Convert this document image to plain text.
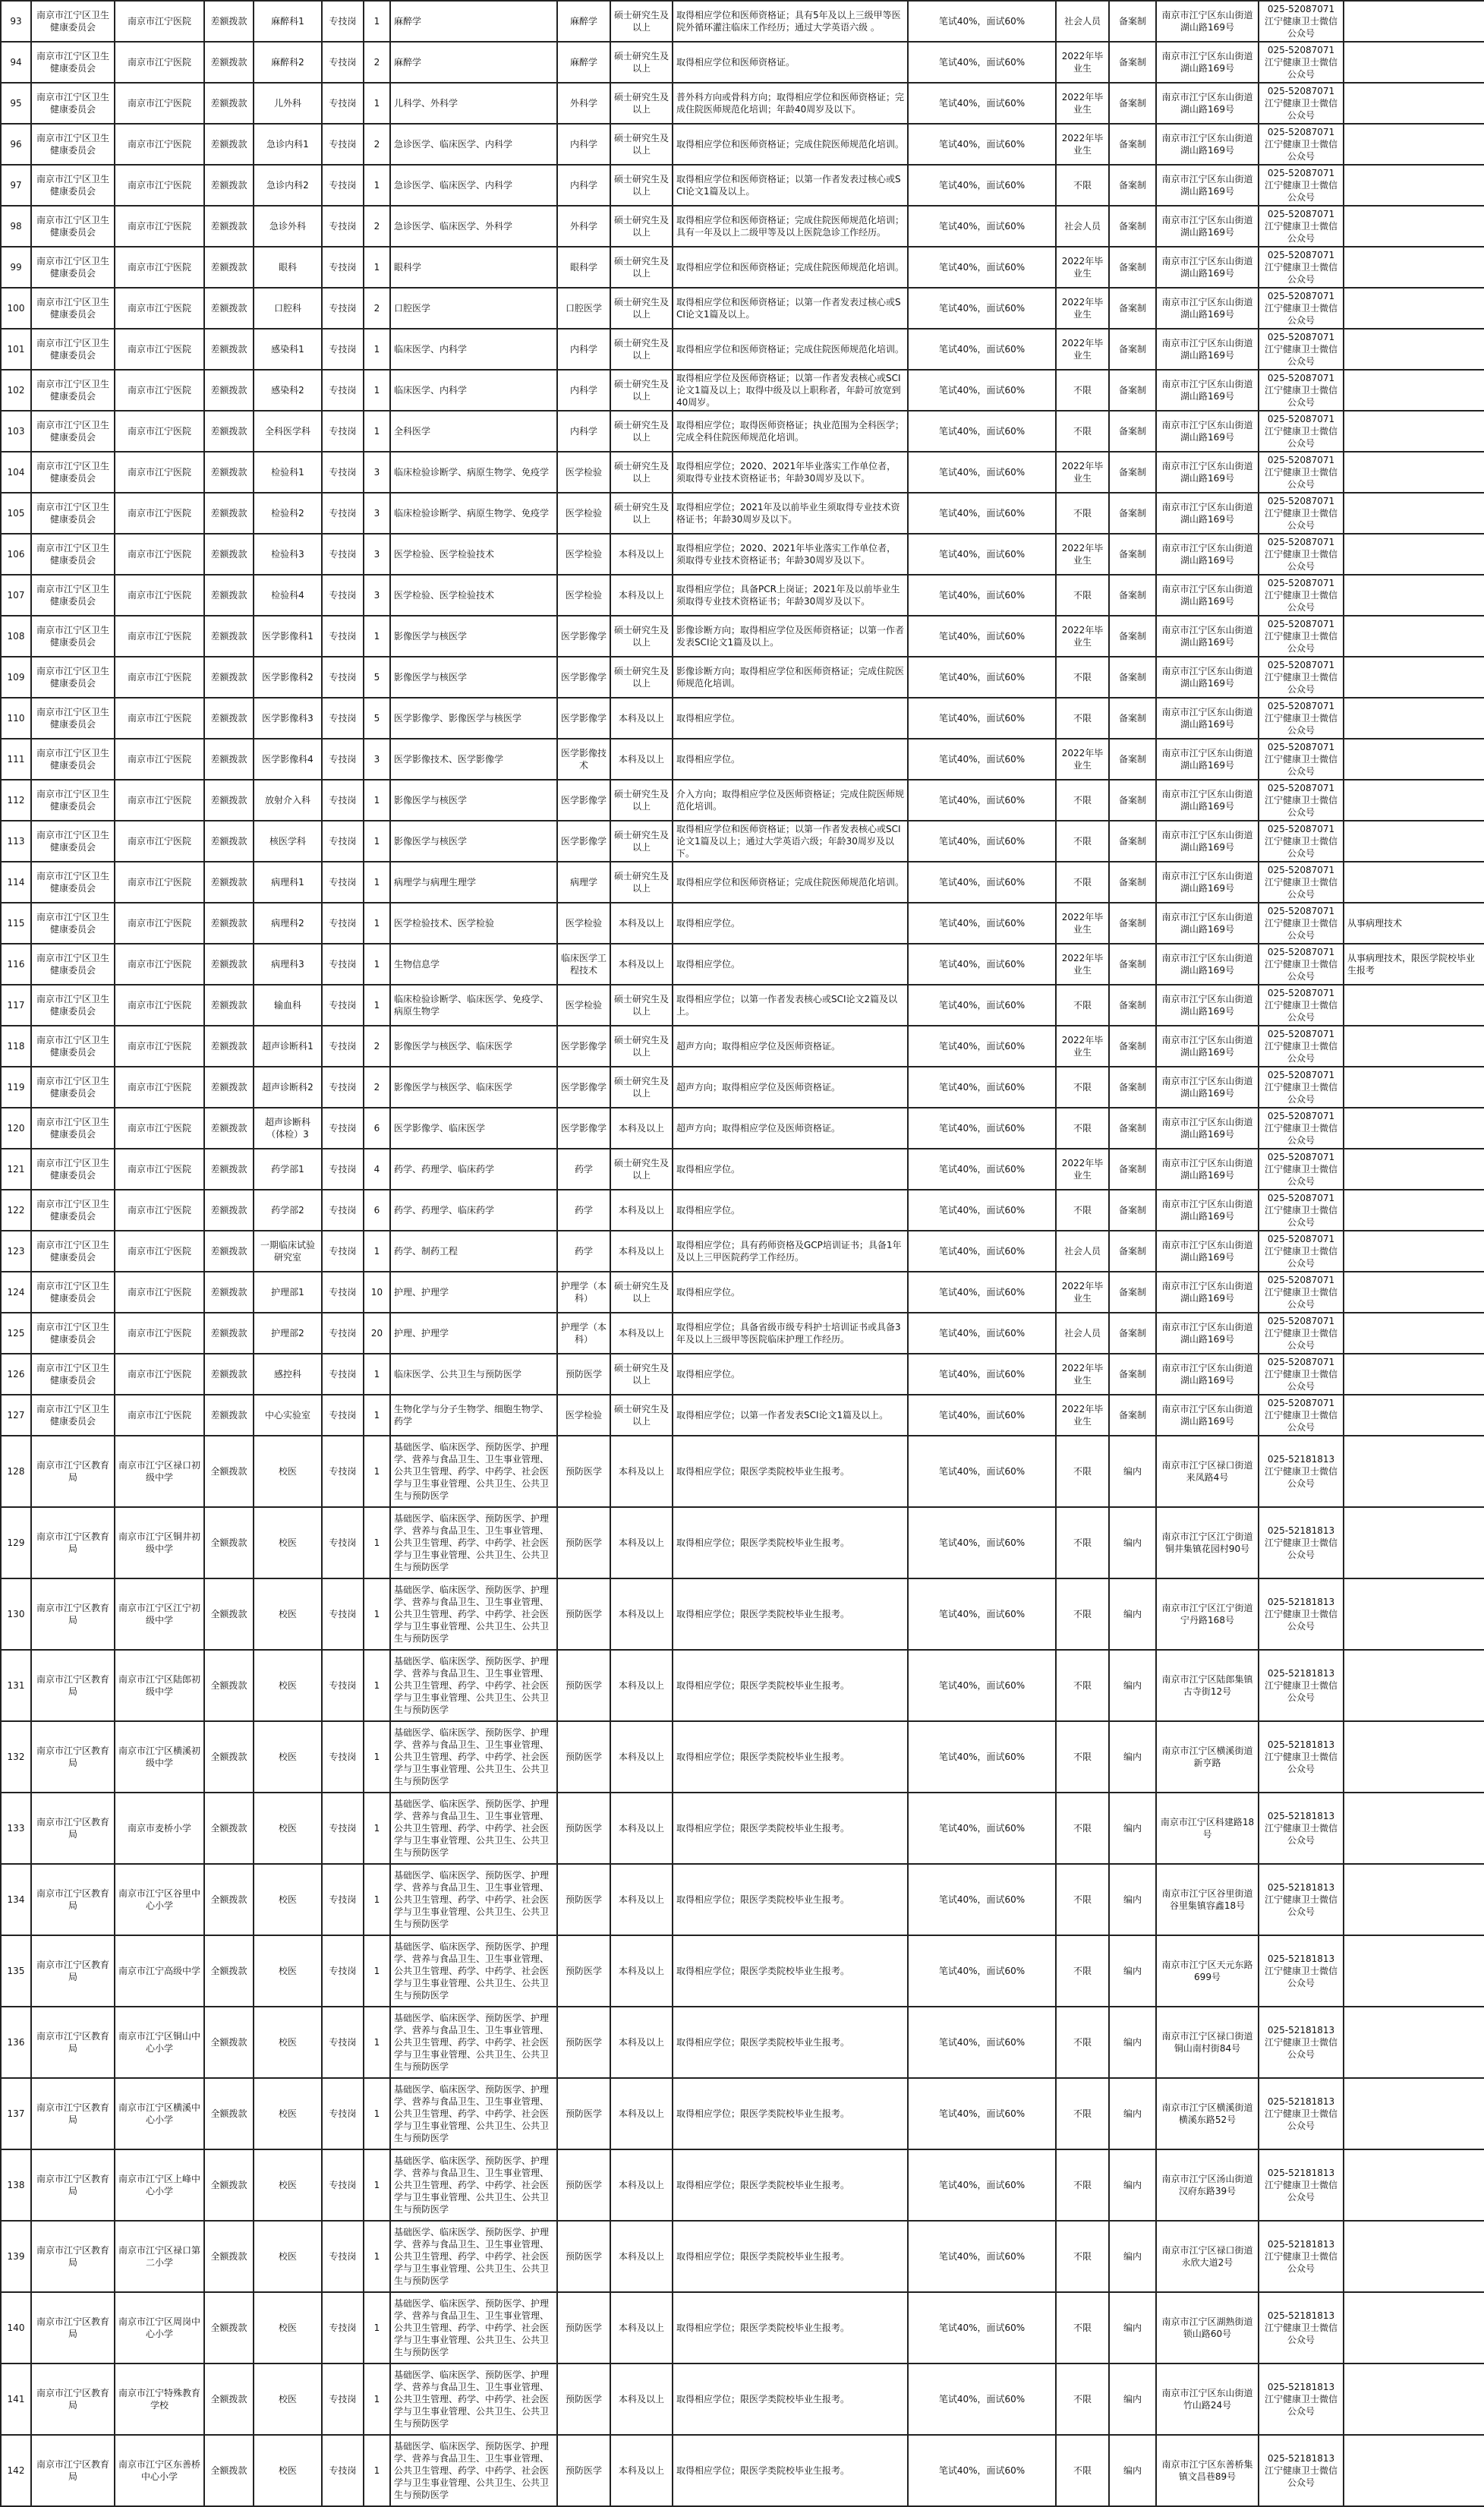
93	南京市江宁区卫生健康委员会	南京市江宁医院	差额拨款	麻醉科1	专技岗	1	麻醉学	麻醉学	硕士研究生及以上	取得相应学位和医师资格证；具有5年及以上三级甲等医院外循环灌注临床工作经历；通过大学英语六级 。	笔试40%，面试60%	社会人员	备案制	南京市江宁区东山街道湖山路169号	025-52087071 江宁健康卫士微信公众号	
94	南京市江宁区卫生健康委员会	南京市江宁医院	差额拨款	麻醉科2	专技岗	2	麻醉学	麻醉学	硕士研究生及以上	取得相应学位和医师资格证。	笔试40%，面试60%	2022年毕业生	备案制	南京市江宁区东山街道湖山路169号	025-52087071 江宁健康卫士微信公众号	
95	南京市江宁区卫生健康委员会	南京市江宁医院	差额拨款	儿外科	专技岗	1	儿科学、外科学	外科学	硕士研究生及以上	普外科方向或骨科方向；取得相应学位和医师资格证；完成住院医师规范化培训；年龄40周岁及以下。	笔试40%，面试60%	2022年毕业生	备案制	南京市江宁区东山街道湖山路169号	025-52087071 江宁健康卫士微信公众号	
96	南京市江宁区卫生健康委员会	南京市江宁医院	差额拨款	急诊内科1	专技岗	2	急诊医学、临床医学、内科学	内科学	硕士研究生及以上	取得相应学位和医师资格证；完成住院医师规范化培训。	笔试40%，面试60%	2022年毕业生	备案制	南京市江宁区东山街道湖山路169号	025-52087071 江宁健康卫士微信公众号	
97	南京市江宁区卫生健康委员会	南京市江宁医院	差额拨款	急诊内科2	专技岗	1	急诊医学、临床医学、内科学	内科学	硕士研究生及以上	取得相应学位和医师资格证；以第一作者发表过核心或SCI论文1篇及以上。	笔试40%，面试60%	不限	备案制	南京市江宁区东山街道湖山路169号	025-52087071 江宁健康卫士微信公众号	
98	南京市江宁区卫生健康委员会	南京市江宁医院	差额拨款	急诊外科	专技岗	2	急诊医学、临床医学、外科学	外科学	硕士研究生及以上	取得相应学位和医师资格证；完成住院医师规范化培训；具有一年及以上二级甲等及以上医院急诊工作经历。	笔试40%，面试60%	社会人员	备案制	南京市江宁区东山街道湖山路169号	025-52087071 江宁健康卫士微信公众号	
99	南京市江宁区卫生健康委员会	南京市江宁医院	差额拨款	眼科	专技岗	1	眼科学	眼科学	硕士研究生及以上	取得相应学位和医师资格证；完成住院医师规范化培训。	笔试40%，面试60%	2022年毕业生	备案制	南京市江宁区东山街道湖山路169号	025-52087071 江宁健康卫士微信公众号	
100	南京市江宁区卫生健康委员会	南京市江宁医院	差额拨款	口腔科	专技岗	2	口腔医学	口腔医学	硕士研究生及以上	取得相应学位和医师资格证；以第一作者发表过核心或SCI论文1篇及以上。	笔试40%，面试60%	2022年毕业生	备案制	南京市江宁区东山街道湖山路169号	025-52087071 江宁健康卫士微信公众号	
101	南京市江宁区卫生健康委员会	南京市江宁医院	差额拨款	感染科1	专技岗	1	临床医学、内科学	内科学	硕士研究生及以上	取得相应学位和医师资格证；完成住院医师规范化培训。	笔试40%，面试60%	2022年毕业生	备案制	南京市江宁区东山街道湖山路169号	025-52087071 江宁健康卫士微信公众号	
102	南京市江宁区卫生健康委员会	南京市江宁医院	差额拨款	感染科2	专技岗	1	临床医学、内科学	内科学	硕士研究生及以上	取得相应学位及医师资格证；以第一作者发表核心或SCI论文1篇及以上；取得中级及以上职称者，年龄可放宽到40周岁。	笔试40%，面试60%	不限	备案制	南京市江宁区东山街道湖山路169号	025-52087071 江宁健康卫士微信公众号	
103	南京市江宁区卫生健康委员会	南京市江宁医院	差额拨款	全科医学科	专技岗	1	全科医学	内科学	硕士研究生及以上	取得相应学位；取得医师资格证；执业范围为全科医学；完成全科住院医师规范化培训。	笔试40%，面试60%	不限	备案制	南京市江宁区东山街道湖山路169号	025-52087071 江宁健康卫士微信公众号	
104	南京市江宁区卫生健康委员会	南京市江宁医院	差额拨款	检验科1	专技岗	3	临床检验诊断学、病原生物学、免疫学	医学检验	硕士研究生及以上	取得相应学位；2020、2021年毕业落实工作单位者，须取得专业技术资格证书；年龄30周岁及以下。	笔试40%，面试60%	2022年毕业生	备案制	南京市江宁区东山街道湖山路169号	025-52087071 江宁健康卫士微信公众号	
105	南京市江宁区卫生健康委员会	南京市江宁医院	差额拨款	检验科2	专技岗	3	临床检验诊断学、病原生物学、免疫学	医学检验	硕士研究生及以上	取得相应学位；2021年及以前毕业生须取得专业技术资格证书；年龄30周岁及以下。	笔试40%，面试60%	不限	备案制	南京市江宁区东山街道湖山路169号	025-52087071 江宁健康卫士微信公众号	
106	南京市江宁区卫生健康委员会	南京市江宁医院	差额拨款	检验科3	专技岗	3	医学检验、医学检验技术	医学检验	本科及以上	取得相应学位；2020、2021年毕业落实工作单位者，须取得专业技术资格证书；年龄30周岁及以下。	笔试40%，面试60%	2022年毕业生	备案制	南京市江宁区东山街道湖山路169号	025-52087071 江宁健康卫士微信公众号	
107	南京市江宁区卫生健康委员会	南京市江宁医院	差额拨款	检验科4	专技岗	3	医学检验、医学检验技术	医学检验	本科及以上	取得相应学位；具备PCR上岗证；2021年及以前毕业生须取得专业技术资格证书；年龄30周岁及以下。	笔试40%，面试60%	不限	备案制	南京市江宁区东山街道湖山路169号	025-52087071 江宁健康卫士微信公众号	
108	南京市江宁区卫生健康委员会	南京市江宁医院	差额拨款	医学影像科1	专技岗	1	影像医学与核医学	医学影像学	硕士研究生及以上	影像诊断方向；取得相应学位及医师资格证；以第一作者发表SCI论文1篇及以上。	笔试40%，面试60%	2022年毕业生	备案制	南京市江宁区东山街道湖山路169号	025-52087071 江宁健康卫士微信公众号	
109	南京市江宁区卫生健康委员会	南京市江宁医院	差额拨款	医学影像科2	专技岗	5	影像医学与核医学	医学影像学	硕士研究生及以上	影像诊断方向；取得相应学位和医师资格证；完成住院医师规范化培训。	笔试40%，面试60%	不限	备案制	南京市江宁区东山街道湖山路169号	025-52087071 江宁健康卫士微信公众号	
110	南京市江宁区卫生健康委员会	南京市江宁医院	差额拨款	医学影像科3	专技岗	5	医学影像学、影像医学与核医学	医学影像学	本科及以上	取得相应学位。	笔试40%，面试60%	不限	备案制	南京市江宁区东山街道湖山路169号	025-52087071 江宁健康卫士微信公众号	
111	南京市江宁区卫生健康委员会	南京市江宁医院	差额拨款	医学影像科4	专技岗	3	医学影像技术、医学影像学	医学影像技术	本科及以上	取得相应学位。	笔试40%，面试60%	2022年毕业生	备案制	南京市江宁区东山街道湖山路169号	025-52087071 江宁健康卫士微信公众号	
112	南京市江宁区卫生健康委员会	南京市江宁医院	差额拨款	放射介入科	专技岗	1	影像医学与核医学	医学影像学	硕士研究生及以上	介入方向；取得相应学位及医师资格证；完成住院医师规范化培训。	笔试40%，面试60%	不限	备案制	南京市江宁区东山街道湖山路169号	025-52087071 江宁健康卫士微信公众号	
113	南京市江宁区卫生健康委员会	南京市江宁医院	差额拨款	核医学科	专技岗	1	影像医学与核医学	医学影像学	硕士研究生及以上	取得相应学位和医师资格证；以第一作者发表核心或SCI论文1篇及以上；通过大学英语六级；年龄30周岁及以下。	笔试40%，面试60%	不限	备案制	南京市江宁区东山街道湖山路169号	025-52087071 江宁健康卫士微信公众号	
114	南京市江宁区卫生健康委员会	南京市江宁医院	差额拨款	病理科1	专技岗	1	病理学与病理生理学	病理学	硕士研究生及以上	取得相应学位和医师资格证；完成住院医师规范化培训。	笔试40%，面试60%	不限	备案制	南京市江宁区东山街道湖山路169号	025-52087071 江宁健康卫士微信公众号	
115	南京市江宁区卫生健康委员会	南京市江宁医院	差额拨款	病理科2	专技岗	1	医学检验技术、医学检验	医学检验	本科及以上	取得相应学位。	笔试40%，面试60%	2022年毕业生	备案制	南京市江宁区东山街道湖山路169号	025-52087071 江宁健康卫士微信公众号	从事病理技术
116	南京市江宁区卫生健康委员会	南京市江宁医院	差额拨款	病理科3	专技岗	1	生物信息学	临床医学工程技术	本科及以上	取得相应学位。	笔试40%，面试60%	2022年毕业生	备案制	南京市江宁区东山街道湖山路169号	025-52087071 江宁健康卫士微信公众号	从事病理技术，限医学院校毕业生报考
117	南京市江宁区卫生健康委员会	南京市江宁医院	差额拨款	输血科	专技岗	1	临床检验诊断学、临床医学、免疫学、病原生物学	医学检验	硕士研究生及以上	取得相应学位；以第一作者发表核心或SCI论文2篇及以上。	笔试40%，面试60%	不限	备案制	南京市江宁区东山街道湖山路169号	025-52087071 江宁健康卫士微信公众号	
118	南京市江宁区卫生健康委员会	南京市江宁医院	差额拨款	超声诊断科1	专技岗	2	影像医学与核医学、临床医学	医学影像学	硕士研究生及以上	超声方向；取得相应学位及医师资格证。	笔试40%，面试60%	2022年毕业生	备案制	南京市江宁区东山街道湖山路169号	025-52087071 江宁健康卫士微信公众号	
119	南京市江宁区卫生健康委员会	南京市江宁医院	差额拨款	超声诊断科2	专技岗	2	影像医学与核医学、临床医学	医学影像学	硕士研究生及以上	超声方向；取得相应学位及医师资格证。	笔试40%，面试60%	不限	备案制	南京市江宁区东山街道湖山路169号	025-52087071 江宁健康卫士微信公众号	
120	南京市江宁区卫生健康委员会	南京市江宁医院	差额拨款	超声诊断科（体检）3	专技岗	6	医学影像学、临床医学	医学影像学	本科及以上	超声方向；取得相应学位及医师资格证。	笔试40%，面试60%	不限	备案制	南京市江宁区东山街道湖山路169号	025-52087071 江宁健康卫士微信公众号	
121	南京市江宁区卫生健康委员会	南京市江宁医院	差额拨款	药学部1	专技岗	4	药学、药理学、临床药学	药学	硕士研究生及以上	取得相应学位。	笔试40%，面试60%	2022年毕业生	备案制	南京市江宁区东山街道湖山路169号	025-52087071 江宁健康卫士微信公众号	
122	南京市江宁区卫生健康委员会	南京市江宁医院	差额拨款	药学部2	专技岗	6	药学、药理学、临床药学	药学	本科及以上	取得相应学位。	笔试40%，面试60%	不限	备案制	南京市江宁区东山街道湖山路169号	025-52087071 江宁健康卫士微信公众号	
123	南京市江宁区卫生健康委员会	南京市江宁医院	差额拨款	一期临床试验研究室	专技岗	1	药学、制药工程	药学	本科及以上	取得相应学位；具有药师资格及GCP培训证书；具备1年及以上三甲医院药学工作经历。	笔试40%，面试60%	社会人员	备案制	南京市江宁区东山街道湖山路169号	025-52087071 江宁健康卫士微信公众号	
124	南京市江宁区卫生健康委员会	南京市江宁医院	差额拨款	护理部1	专技岗	10	护理、护理学	护理学（本科）	硕士研究生及以上	取得相应学位。	笔试40%，面试60%	2022年毕业生	备案制	南京市江宁区东山街道湖山路169号	025-52087071 江宁健康卫士微信公众号	
125	南京市江宁区卫生健康委员会	南京市江宁医院	差额拨款	护理部2	专技岗	20	护理、护理学	护理学（本科）	本科及以上	取得相应学位；具备省级市级专科护士培训证书或具备3年及以上三级甲等医院临床护理工作经历。	笔试40%，面试60%	社会人员	备案制	南京市江宁区东山街道湖山路169号	025-52087071 江宁健康卫士微信公众号	
126	南京市江宁区卫生健康委员会	南京市江宁医院	差额拨款	感控科	专技岗	1	临床医学、公共卫生与预防医学	预防医学	硕士研究生及以上	取得相应学位。	笔试40%，面试60%	2022年毕业生	备案制	南京市江宁区东山街道湖山路169号	025-52087071 江宁健康卫士微信公众号	
127	南京市江宁区卫生健康委员会	南京市江宁医院	差额拨款	中心实验室	专技岗	1	生物化学与分子生物学、细胞生物学、药学	医学检验	硕士研究生及以上	取得相应学位；以第一作者发表SCI论文1篇及以上。	笔试40%，面试60%	2022年毕业生	备案制	南京市江宁区东山街道湖山路169号	025-52087071 江宁健康卫士微信公众号	
128	南京市江宁区教育局	南京市江宁区禄口初级中学	全额拨款	校医	专技岗	1	基础医学、临床医学、预防医学、护理学、营养与食品卫生、卫生事业管理、公共卫生管理、药学、中药学、社会医学与卫生事业管理、公共卫生、公共卫生与预防医学	预防医学	本科及以上	取得相应学位；限医学类院校毕业生报考。	笔试40%，面试60%	不限	编内	南京市江宁区禄口街道来凤路4号	025-52181813 江宁健康卫士微信公众号	
129	南京市江宁区教育局	南京市江宁区铜井初级中学	全额拨款	校医	专技岗	1	基础医学、临床医学、预防医学、护理学、营养与食品卫生、卫生事业管理、公共卫生管理、药学、中药学、社会医学与卫生事业管理、公共卫生、公共卫生与预防医学	预防医学	本科及以上	取得相应学位；限医学类院校毕业生报考。	笔试40%，面试60%	不限	编内	南京市江宁区江宁街道铜井集镇花园村90号	025-52181813 江宁健康卫士微信公众号	
130	南京市江宁区教育局	南京市江宁区江宁初级中学	全额拨款	校医	专技岗	1	基础医学、临床医学、预防医学、护理学、营养与食品卫生、卫生事业管理、公共卫生管理、药学、中药学、社会医学与卫生事业管理、公共卫生、公共卫生与预防医学	预防医学	本科及以上	取得相应学位；限医学类院校毕业生报考。	笔试40%，面试60%	不限	编内	南京市江宁区江宁街道宁丹路168号	025-52181813 江宁健康卫士微信公众号	
131	南京市江宁区教育局	南京市江宁区陆郎初级中学	全额拨款	校医	专技岗	1	基础医学、临床医学、预防医学、护理学、营养与食品卫生、卫生事业管理、公共卫生管理、药学、中药学、社会医学与卫生事业管理、公共卫生、公共卫生与预防医学	预防医学	本科及以上	取得相应学位；限医学类院校毕业生报考。	笔试40%，面试60%	不限	编内	南京市江宁区陆郎集镇古寺街12号	025-52181813 江宁健康卫士微信公众号	
132	南京市江宁区教育局	南京市江宁区横溪初级中学	全额拨款	校医	专技岗	1	基础医学、临床医学、预防医学、护理学、营养与食品卫生、卫生事业管理、公共卫生管理、药学、中药学、社会医学与卫生事业管理、公共卫生、公共卫生与预防医学	预防医学	本科及以上	取得相应学位；限医学类院校毕业生报考。	笔试40%，面试60%	不限	编内	南京市江宁区横溪街道新亨路	025-52181813 江宁健康卫士微信公众号	
133	南京市江宁区教育局	南京市麦桥小学	全额拨款	校医	专技岗	1	基础医学、临床医学、预防医学、护理学、营养与食品卫生、卫生事业管理、公共卫生管理、药学、中药学、社会医学与卫生事业管理、公共卫生、公共卫生与预防医学	预防医学	本科及以上	取得相应学位；限医学类院校毕业生报考。	笔试40%，面试60%	不限	编内	南京市江宁区科建路18号	025-52181813 江宁健康卫士微信公众号	
134	南京市江宁区教育局	南京市江宁区谷里中心小学	全额拨款	校医	专技岗	1	基础医学、临床医学、预防医学、护理学、营养与食品卫生、卫生事业管理、公共卫生管理、药学、中药学、社会医学与卫生事业管理、公共卫生、公共卫生与预防医学	预防医学	本科及以上	取得相应学位；限医学类院校毕业生报考。	笔试40%，面试60%	不限	编内	南京市江宁区谷里街道谷里集镇容鑫18号	025-52181813 江宁健康卫士微信公众号	
135	南京市江宁区教育局	南京市江宁高级中学	全额拨款	校医	专技岗	1	基础医学、临床医学、预防医学、护理学、营养与食品卫生、卫生事业管理、公共卫生管理、药学、中药学、社会医学与卫生事业管理、公共卫生、公共卫生与预防医学	预防医学	本科及以上	取得相应学位；限医学类院校毕业生报考。	笔试40%，面试60%	不限	编内	南京市江宁区天元东路699号	025-52181813 江宁健康卫士微信公众号	
136	南京市江宁区教育局	南京市江宁区铜山中心小学	全额拨款	校医	专技岗	1	基础医学、临床医学、预防医学、护理学、营养与食品卫生、卫生事业管理、公共卫生管理、药学、中药学、社会医学与卫生事业管理、公共卫生、公共卫生与预防医学	预防医学	本科及以上	取得相应学位；限医学类院校毕业生报考。	笔试40%，面试60%	不限	编内	南京市江宁区禄口街道铜山南村街84号	025-52181813 江宁健康卫士微信公众号	
137	南京市江宁区教育局	南京市江宁区横溪中心小学	全额拨款	校医	专技岗	1	基础医学、临床医学、预防医学、护理学、营养与食品卫生、卫生事业管理、公共卫生管理、药学、中药学、社会医学与卫生事业管理、公共卫生、公共卫生与预防医学	预防医学	本科及以上	取得相应学位；限医学类院校毕业生报考。	笔试40%，面试60%	不限	编内	南京市江宁区横溪街道横溪东路52号	025-52181813 江宁健康卫士微信公众号	
138	南京市江宁区教育局	南京市江宁区上峰中心小学	全额拨款	校医	专技岗	1	基础医学、临床医学、预防医学、护理学、营养与食品卫生、卫生事业管理、公共卫生管理、药学、中药学、社会医学与卫生事业管理、公共卫生、公共卫生与预防医学	预防医学	本科及以上	取得相应学位；限医学类院校毕业生报考。	笔试40%，面试60%	不限	编内	南京市江宁区汤山街道汉府东路39号	025-52181813 江宁健康卫士微信公众号	
139	南京市江宁区教育局	南京市江宁区禄口第二小学	全额拨款	校医	专技岗	1	基础医学、临床医学、预防医学、护理学、营养与食品卫生、卫生事业管理、公共卫生管理、药学、中药学、社会医学与卫生事业管理、公共卫生、公共卫生与预防医学	预防医学	本科及以上	取得相应学位；限医学类院校毕业生报考。	笔试40%，面试60%	不限	编内	南京市江宁区禄口街道永欣大道2号	025-52181813 江宁健康卫士微信公众号	
140	南京市江宁区教育局	南京市江宁区周岗中心小学	全额拨款	校医	专技岗	1	基础医学、临床医学、预防医学、护理学、营养与食品卫生、卫生事业管理、公共卫生管理、药学、中药学、社会医学与卫生事业管理、公共卫生、公共卫生与预防医学	预防医学	本科及以上	取得相应学位；限医学类院校毕业生报考。	笔试40%，面试60%	不限	编内	南京市江宁区湖熟街道锁山路60号	025-52181813 江宁健康卫士微信公众号	
141	南京市江宁区教育局	南京市江宁特殊教育学校	全额拨款	校医	专技岗	1	基础医学、临床医学、预防医学、护理学、营养与食品卫生、卫生事业管理、公共卫生管理、药学、中药学、社会医学与卫生事业管理、公共卫生、公共卫生与预防医学	预防医学	本科及以上	取得相应学位；限医学类院校毕业生报考。	笔试40%，面试60%	不限	编内	南京市江宁区东山街道竹山路24号	025-52181813 江宁健康卫士微信公众号	
142	南京市江宁区教育局	南京市江宁区东善桥中心小学	全额拨款	校医	专技岗	1	基础医学、临床医学、预防医学、护理学、营养与食品卫生、卫生事业管理、公共卫生管理、药学、中药学、社会医学与卫生事业管理、公共卫生、公共卫生与预防医学	预防医学	本科及以上	取得相应学位；限医学类院校毕业生报考。	笔试40%，面试60%	不限	编内	南京市江宁区东善桥集镇文昌巷89号	025-52181813 江宁健康卫士微信公众号	
